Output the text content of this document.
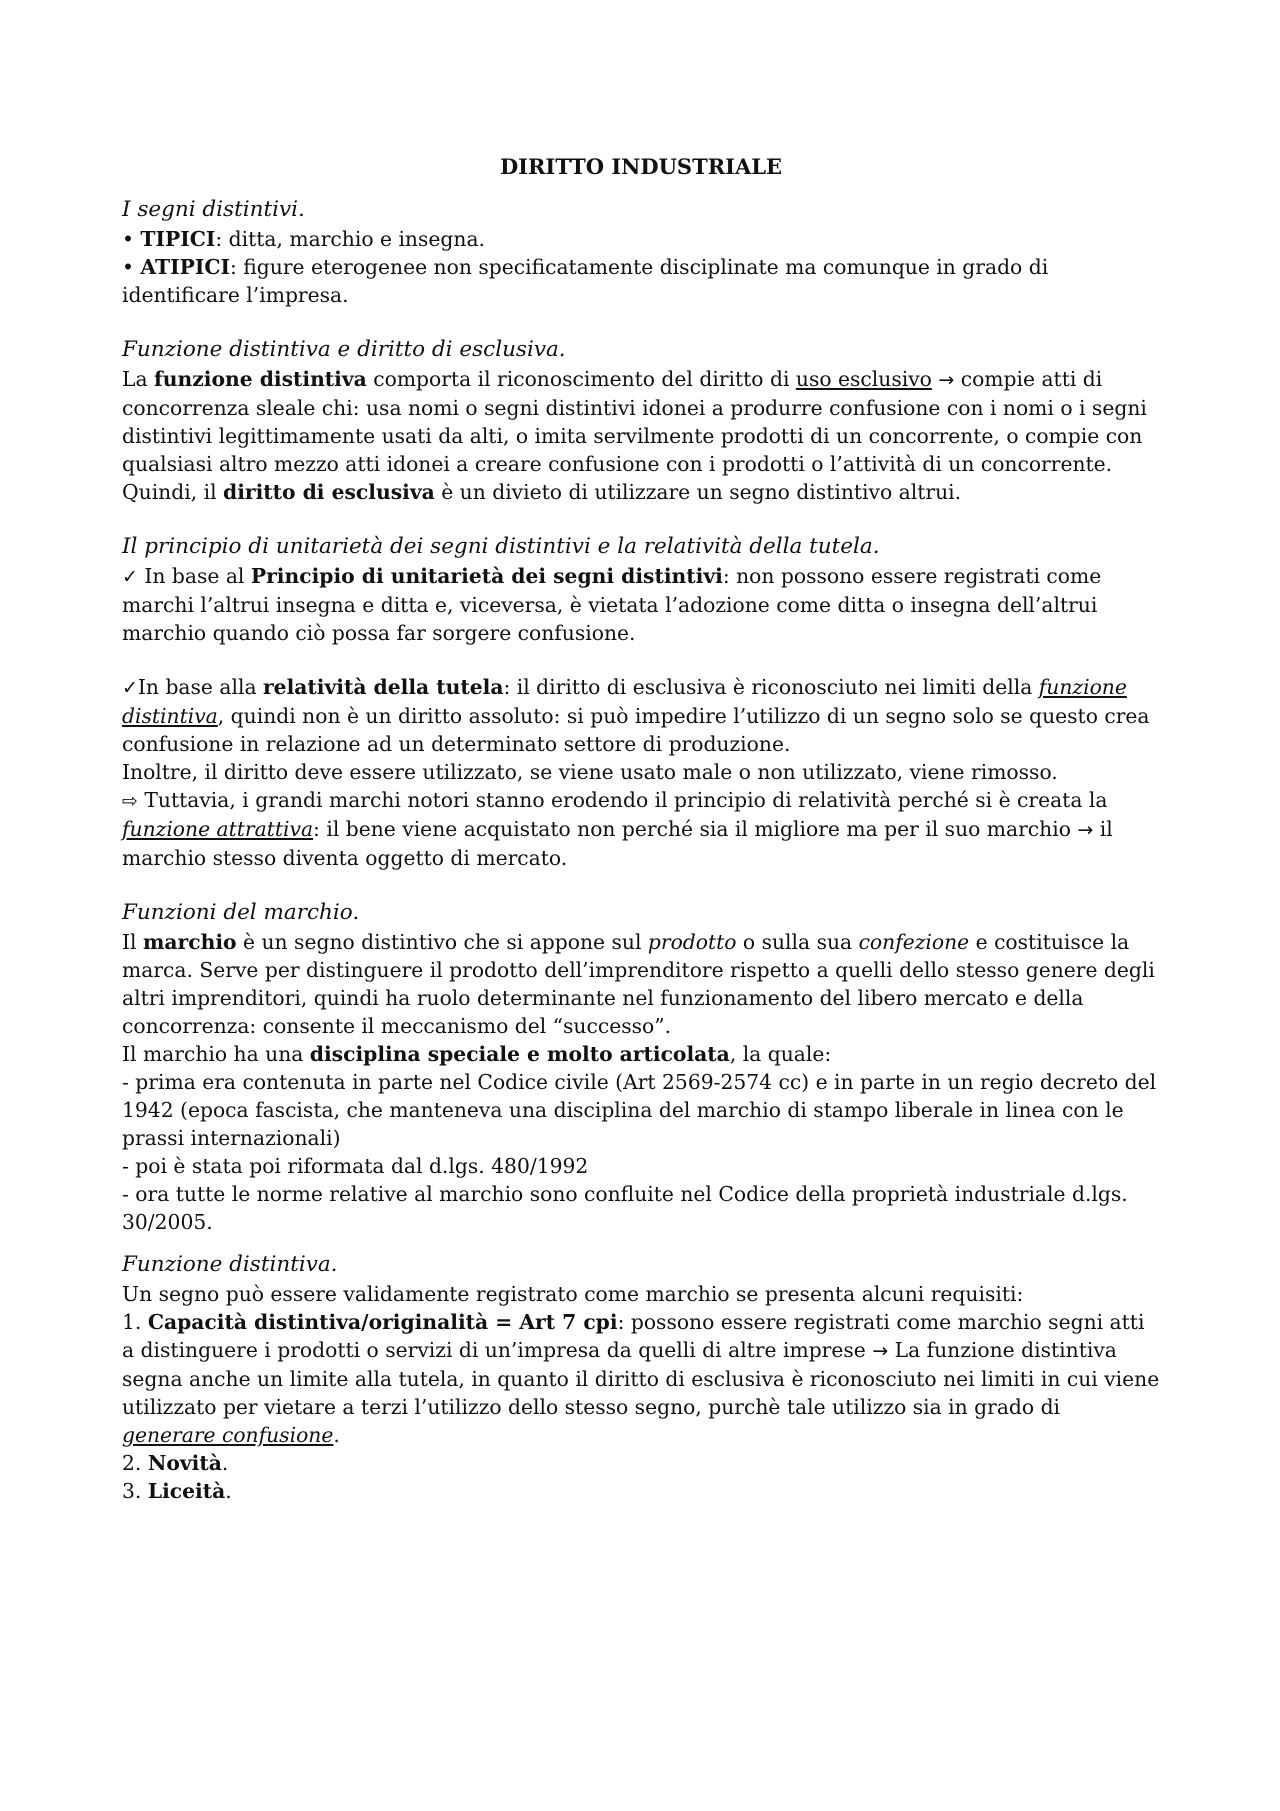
DIRITTO INDUSTRIALE
I segni distintivi.

• TIPICI: ditta, marchio e insegna.

• ATIPICI: figure eterogenee non specificatamente disciplinate ma comunque in grado di identificare l’impresa.

Funzione distintiva e diritto di esclusiva.

La funzione distintiva comporta il riconoscimento del diritto di uso esclusivo → compie atti di concorrenza sleale chi: usa nomi o segni distintivi idonei a produrre confusione con i nomi o i segni distintivi legittimamente usati da alti, o imita servilmente prodotti di un concorrente, o compie con qualsiasi altro mezzo atti idonei a creare confusione con i prodotti o l’attività di un concorrente.

Quindi, il diritto di esclusiva è un divieto di utilizzare un segno distintivo altrui.

Il principio di unitarietà dei segni distintivi e la relatività della tutela.

✓ In base al Principio di unitarietà dei segni distintivi: non possono essere registrati come marchi l’altrui insegna e ditta e, viceversa, è vietata l’adozione come ditta o insegna dell’altrui marchio quando ciò possa far sorgere confusione.

✓In base alla relatività della tutela: il diritto di esclusiva è riconosciuto nei limiti della funzione distintiva, quindi non è un diritto assoluto: si può impedire l’utilizzo di un segno solo se questo crea confusione in relazione ad un determinato settore di produzione.

Inoltre, il diritto deve essere utilizzato, se viene usato male o non utilizzato, viene rimosso.

⇨ Tuttavia, i grandi marchi notori stanno erodendo il principio di relatività perché si è creata la funzione attrattiva: il bene viene acquistato non perché sia il migliore ma per il suo marchio → il marchio stesso diventa oggetto di mercato.

Funzioni del marchio.

Il marchio è un segno distintivo che si appone sul prodotto o sulla sua confezione e costituisce la marca. Serve per distinguere il prodotto dell’imprenditore rispetto a quelli dello stesso genere degli altri imprenditori, quindi ha ruolo determinante nel funzionamento del libero mercato e della concorrenza: consente il meccanismo del “successo”.

Il marchio ha una disciplina speciale e molto articolata, la quale:

- prima era contenuta in parte nel Codice civile (Art 2569-2574 cc) e in parte in un regio decreto del 1942 (epoca fascista, che manteneva una disciplina del marchio di stampo liberale in linea con le prassi internazionali)

- poi è stata poi riformata dal d.lgs. 480/1992

- ora tutte le norme relative al marchio sono confluite nel Codice della proprietà industriale d.lgs. 30/2005.

Funzione distintiva.

Un segno può essere validamente registrato come marchio se presenta alcuni requisiti:

1. Capacità distintiva/originalità = Art 7 cpi: possono essere registrati come marchio segni atti a distinguere i prodotti o servizi di un’impresa da quelli di altre imprese → La funzione distintiva segna anche un limite alla tutela, in quanto il diritto di esclusiva è riconosciuto nei limiti in cui viene utilizzato per vietare a terzi l’utilizzo dello stesso segno, purchè tale utilizzo sia in grado di generare confusione.

2. Novità.

3. Liceità.
